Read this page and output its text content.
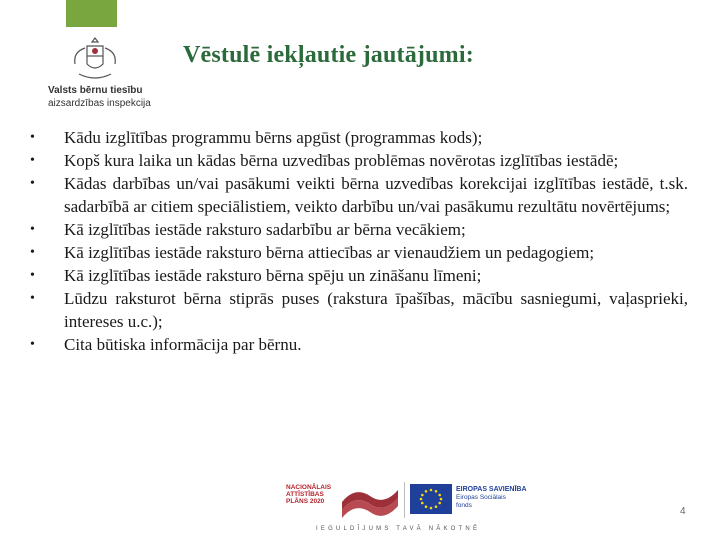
Valsts bērnu tiesību
aizsardzības inspekcija
Vēstulē iekļautie jautājumi:
• Kādu izglītības programmu bērns apgūst (programmas kods);
• Kopš kura laika un kādas bērna uzvedības problēmas novērotas izglītības iestādē;
• Kādas darbības un/vai pasākumi veikti bērna uzvedības korekcijai izglītības iestādē, t.sk. sadarbībā ar citiem speciālistiem, veikto darbību un/vai pasākumu rezultātu novērtējums;
• Kā izglītības iestāde raksturo sadarbību ar bērna vecākiem;
• Kā izglītības iestāde raksturo bērna attiecības ar vienaudžiem un pedagogiem;
• Kā izglītības iestāde raksturo bērna spēju un zināšanu līmeni;
• Lūdzu raksturot bērna stiprās puses (rakstura īpašības, mācību sasniegumi, vaļasprieki, intereses u.c.);
• Cita būtiska informācija par bērnu.
NACIONĀLAIS
ATTĪSTĪBAS
PLĀNS 2020
EIROPAS SAVIENĪBA
Eiropas Sociālais
fonds
IEGULDĪJUMS TAVĀ NĀKOTNĒ
4
